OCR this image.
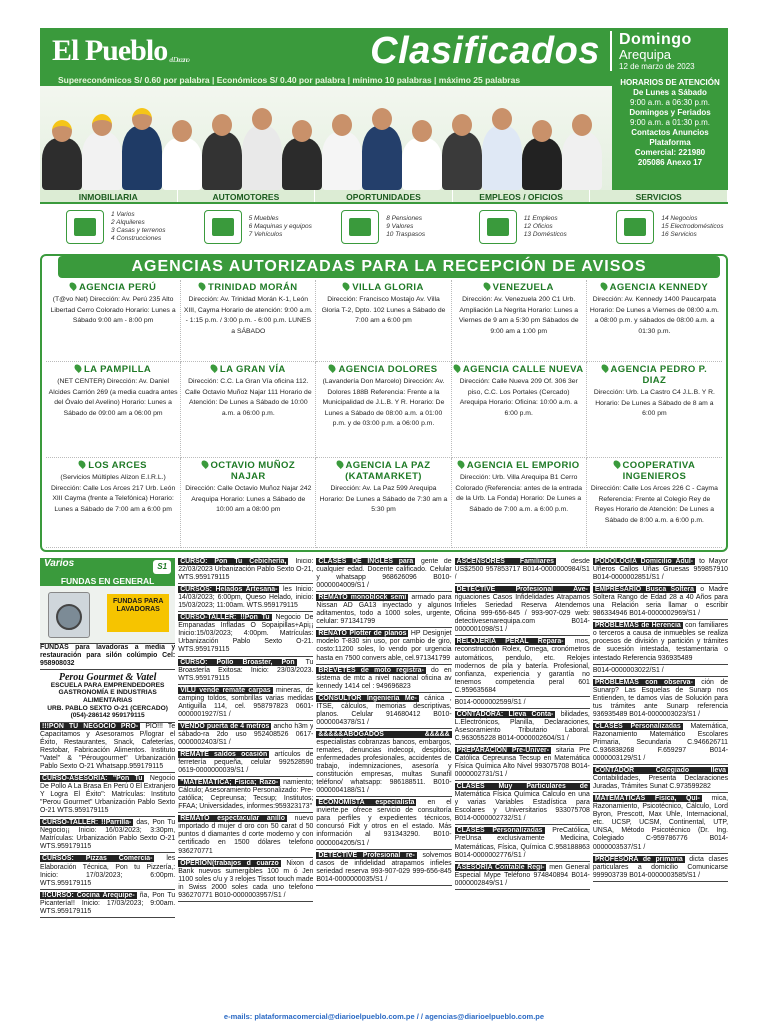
El Pueblo el Decano	Clasificados	Domingo
Arequipa
12 de marzo de 2023
Supereconómicos S/ 0.60 por palabra | Económicos S/ 0.40 por palabra | mínimo 10 palabras | máximo 25 palabras	HORARIOS DE ATENCIÓN
De Lunes a Sábado
9:00 a.m. a 06:30 p.m.
Domingos y Feriados
9:00 a.m. a 01:30 p.m.
Contactos Anuncios Plataforma
Comercial: 221980
205086 Anexo 17
INMOBILIARIA	AUTOMOTORES	OPORTUNIDADES	EMPLEOS / OFICIOS	SERVICIOS
1 Varios
2 Alquileres
3 Casas y terrenos
4 Construcciones
5 Muebles
6 Maquinas y equipos
7 Vehículos
8 Pensiones
9 Valores
10 Traspasos
11 Empleos
12 Oficios
13 Domésticos
14 Negocios
15 Electrodomésticos
16 Servicios
AGENCIAS AUTORIZADAS PARA LA RECEPCIÓN DE AVISOS
AGENCIA PERÚ
(T@vo Net) Dirección: Av. Perú 235 Alto Libertad Cerro Colorado Horario: Lunes a Sábado 9:00 am - 8:00 pm
TRINIDAD MORÁN
Dirección: Av. Trinidad Morán K-1, León XIII, Cayma Horario de atención: 9:00 a.m. - 1:15 p.m. / 3:00 p.m. - 6:00 p.m. LUNES a SÁBADO
VILLA GLORIA
Dirección: Francisco Mostajo Av. Villa Gloria T-2, Dpto. 102 Lunes a Sábado de 7:00 am a 6:00 pm
VENEZUELA
Dirección: Av. Venezuela 200 C1 Urb. Ampliación La Negrita Horario: Lunes a Viernes de 9 am a 5:30 pm Sábados de 9:00 am a 1:00 pm
AGENCIA KENNEDY
Dirección: Av. Kennedy 1400 Paucarpata Horario: De Lunes a Viernes de 08:00 a.m. a 08:00 p.m. y sábados de 08:00 a.m. a 01:30 p.m.
LA PAMPILLA
(NET CENTER) Dirección: Av. Daniel Alcides Carrión 269 (a media cuadra antes del Óvalo del Avelino) Horario: Lunes a Sábado de 09:00 am a 06:00 pm
LA GRAN VÍA
Dirección: C.C. La Gran Vía oficina 112. Calle Octavio Muñoz Najar 111 Horario de Atención: De Lunes a Sábado de 10:00 a.m. a 06:00 p.m.
AGENCIA DOLORES
(Lavandería Don Marcelo) Dirección: Av. Dolores 188B Referencia: Frente a la Municipalidad de J.L.B. Y R. Horario: De Lunes a Sábado de 08:00 a.m. a 01:00 p.m. y de 03:00 p.m. a 06:00 p.m.
AGENCIA CALLE NUEVA
Dirección: Calle Nueva 209 Of. 306 3er piso, C.C. Los Portales (Cercado) Arequipa Horario: Oficina: 10:00 a.m. a 6:00 p.m.
AGENCIA PEDRO P. DIAZ
Dirección: Urb. La Castro C4 J.L.B. Y R. Horario: De Lunes a Sábado de 8 am a 6:00 pm
LOS ARCES
(Servicios Múltiples Alizon E.I.R.L.) Dirección: Calle Los Arces 217 Urb. León XIII Cayma (frente a Telefónica) Horario: Lunes a Sábado de 7:00 am a 6:00 pm
OCTAVIO MUÑOZ NAJAR
Dirección: Calle Octavio Muñoz Najar 242 Arequipa Horario: Lunes a Sábado de 10:00 am a 08:00 pm
AGENCIA LA PAZ (KATAMARKET)
Dirección: Av. La Paz 599 Arequipa Horario: De Lunes a Sábado de 7:30 am a 5:30 pm
AGENCIA EL EMPORIO
Dirección: Urb. Villa Arequipa B1 Cerro Colorado (Referencia: antes de la entrada de la Urb. La Fonda) Horario: De Lunes a Sábado de 7:00 a.m. a 6:00 p.m.
COOPERATIVA INGENIEROS
Dirección: Calle Los Arces 226 C - Cayma Referencia: Frente al Colegio Rey de Reyes Horario de Atención: De Lunes a Sábado de 8:00 a.m. a 6:00 p.m.
Varios	S1
FUNDAS EN GENERAL
FUNDAS PARA LAVADORAS
FUNDAS para lavadoras a media y restauración para silón colúmpio Cel: 958908032
Perou Gourmet & Vatel
ESCUELA PARA EMPRENDEDORES GASTRONOMÍA E INDUSTRIAS ALIMENTARIAS
URB. PABLO SEXTO O-21 (CERCADO)
(054)-286142 959179115
!!!PON TU NEGOCIO PRO- PIO!!! Te Capacitamos y Asesoramos P/lograr el Éxito, Restaurantes, Snack, Cafeterías, Restobar, Fabricación Alimentos. Instituto "Vatel" & "Pérougourmet" Urbanización Pablo Sexto O-21 Whatsapp.959179115
CURSO-ASESORÍA: "Pon Tu Negocio De Pollo A La Brasa En Perú 0 El Extranjero Y Logra El Éxito": Matrículas: Instituto "Perou Gourmet" Urbanización Pablo Sexto O-21 WTS.959179115
CURSO-TALLER: !!Parrilla- das, Pon Tu Negocio¡¡ Inicio: 16/03/2023; 3:30pm, Matrículas: Urbanización Pablo Sexto O-21 WTS.959179115
CURSOS: Pizzas Comercia- les Elaboración Técnica, Pon tu Pizzería,: Inicio: 17/03/2023; 6:00pm. WTS.959179115
!!CURSO: Cocina Arequipe- ña, Pon Tu Picantería!! Inicio: 17/03/2023; 9:00am. WTS.959179115
CURSO: Pon Tu Cebichería, Inicio: 22/03/2023 Urbanización Pablo Sexto O-21, WTS.959179115
CURSOS: Helados Artesana- les Inicio: 14/03/2023; 6:00pm, Queso Helado, inicio: 15/03/2023; 11:00am. WTS.959179115
CURSO-TALLER: !!Pon Tu Negocio De Empanadas Infladas O Sopaipillas+Api¡¡ Inicio:15/03/2023; 4:00pm. Matrículas: Urbanización Pablo Sexto O-21. WTS.959179115
CURSO: Pollo Broaster, Pon Tu Broastería Exitosa: Inicio: 23/03/2023. WTS.959179115
VILU vende remate carpas mineras, de camping toldos, sombrillas varias medidas Antiguilla 114, cel. 958797823 0601-0000001927/S1 /
VENDO puerta de 4 metros ancho h3m y sábado-ra 2do uso 952408526 0617-0000002403/S1 /
REMATE saldos ocasión artículos de ferretería pequeña, celular 992528590 0619-0000000039/S1 /
"MATEMÁTICA; Física; Razo- namiento; Cálculo; Asesoramiento Personalizado: Pre-católica; Cepreunsa; Tecsup; Institutos; FFAA; Universidades, informes:959323173"
REMATO espectacular anillo nuevo importado d mujer d oro con 50 carat d 50 puntos d diamantes d corte moderno y con certificado en 1500 dólares telefono 936270771
OPERIÓN(trabajos d cuarzo Nixon d Bank nuevos sumergibles 100 m ó Jen 1100 soles c/u y 3 relojes Tissot touch made in Swiss 2000 soles cada uno telefono 936270771 B010-0000003957/S1 /
CLASES DE INGLES para gente de cualquier edad. Docente calificado. Celular y whatsapp 968626096 B010-0000004009/S1 /
REMATO monoblock semi armado para Nissan AD GA13 inyectado y algunos aditamentos, todo a 1000 soles, urgente, celular: 971341799
RENATO Plotter de planos HP Designjet modelo T-830 sin uso, por cambio de giro, costo:11200 soles, lo vendo por urgencia hasta en 7500 convers able, cel.971341799
BREVETES de moto registra- do en sistema de mtc a nivel nacional oficina av kennedy 1414 cel : 949696823
CONSULTOR Ingeniería Me- cánica , ITSE, cálculos, memorias descriptivas, planos. Celular 914680412 B010-0000004378/S1 /
&&&&&ABOGADOS &&&&& especialistas cobranzas bancos, embargos, remates, denuncias indecopi, despidos, enfermedades profesionales, accidentes de trabajo, indemnizaciones, asesoría y constitución empresas, multas Sunafil teléfono/ whatsapp: 986188511. B010-0000004188/S1 /
ECONOMISTA especialista en el invierte.pe ofrece servicio de consultoría para perfiles y expedientes técnicos, concursó Fidt y otros en el estado. Más información al 931343290. B010-0000004205/S1 /
DETECTIVE Profesional re- solvemos casos de infidelidad atrapamos infieles seriedad reserva 993-907-029 999-656-845 B014-0000000035/S1 /
ASCENSORES Familiares desde US$2500 957853717 B014-0000000984/S1 /
DETECTIVE Profesional Ave- riguaciones Casos Infidelidades Atrapamos Infieles Seriedad Reserva Atendemos Oficina 999-656-845 / 993-907-029 web: detectivesenarequipa.com B014-0000001098/S1 /
RELOJERÍA PERAL Repara- mos, reconstrucción Rolex, Omega, cronómetros automáticos, pendulo, etc. Relojes modernos de pila y batería. Profesional, confianza, experiencia y garantía no tenemos competencia peral 601 C.959635684
B014-0000002599/S1 /
CONTADORA: Lleva Conta- bilidades, L.Electrónicos, Planilla, Declaraciones, Asesoramiento Tributario Laboral. C.963055228 B014-0000002604/S1 /
PREPARACIÓN Pre-Univer- sitaria Pre Católica Cepreunsa Tecsup en Matemática Física Química Alto Nivel 993075708 B014-0000002731/S1 /
CLASES Muy Particulares de Matemática Física Química Calculo en una y varias Variables Estadística para Escolares y Universitarios 933075708 B014-0000002732/S1 /
CLASES Personalizadas PreCatólica, PreUnsa exclusivamente Medicina, Matemáticas, Física, Química C.958188863 B014-0000002776/S1 /
ASESORÍA Contable Regi- men General Especial Mype Teléfono 974840894 B014-0000002849/S1 /
PODOLOGÍA Domicilio Adul- to Mayor Uñeros Callos Uñas Gruesas 959857910 B014-0000002851/S1 /
EMPRESARIO Busca Soltera o Madre Soltera Rango de Edad 28 a 40 Años para una Relación seria llamar o escribir 986334946 B014-0000002969/S1 /
PROBLEMAS de Herencia con familiares o terceros a causa de inmuebles se realiza procesos de división y partición y trámites de sucesión intestada, testamentaria o intestado Referencia 936935489
B014-0000003022/S1 /
PROBLEMAS con observa- ción de Sunarp? Las Esquelas de Sunarp nos Entienden, te damos vías de Solución para tus trámites ante Sunarp referencia 936935489 B014-0000003023/S1 /
CLASES Personalizadas Matemática, Razonamiento Matemático Escolares Primaria, Secundaria C.946626711 C.936838268 F.659297 B014-0000003129/S1 /
CONTADOR Colegiado lleva Contabilidades, Presenta Declaraciones Juradas, Trámites Sunat C.973599282
MATEMÁTICAS Física, Quí- mica, Razonamiento, Psicotécnico, Cálculo, Lord Byron, Prescott, Max Uhle, Internacional, etc. UCSP, UCSM, Continental, UTP, UNSA, Método Psicotécnico (Dr. Ing. Colegiado C-959786776 B014-0000003537/S1 /
PROFESORA de primaria dicta clases particulares a domicilio Comunicarse 999903739 B014-0000003585/S1 /
e-mails: plataformacomercial@diarioelpueblo.com.pe / / agencias@diarioelpueblo.com.pe
